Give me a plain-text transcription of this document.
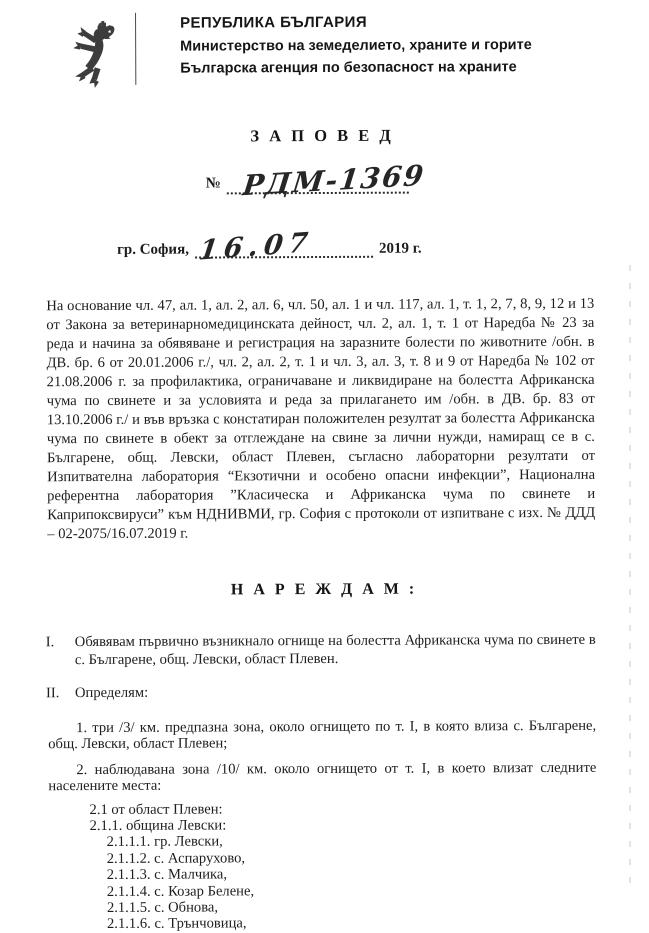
РЕПУБЛИКА БЪЛГАРИЯ
Министерство на земеделието, храните и горите
Българска агенция по безопасност на храните
З А П О В Е Д
№ РДМ-1369
гр. София, 16.07	2019 г.

На основание чл. 47, ал. 1, ал. 2, ал. 6, чл. 50, ал. 1 и чл. 117, ал. 1, т. 1, 2, 7, 8, 9, 12 и 13 от Закона за ветеринарномедицинската дейност, чл. 2, ал. 1, т. 1 от Наредба № 23 за реда и начина за обявяване и регистрация на заразните болести по животните /обн. в ДВ. бр. 6 от 20.01.2006 г./, чл. 2, ал. 2, т. 1 и чл. 3, ал. 3, т. 8 и 9 от Наредба № 102 от 21.08.2006 г. за профилактика, ограничаване и ликвидиране на болестта Африканска чума по свинете и за условията и реда за прилагането им /обн. в ДВ. бр. 83 от 13.10.2006 г./ и във връзка с констатиран положителен резултат за болестта Африканска чума по свинете в обект за отглеждане на свине за лични нужди, намиращ се в с. Българене, общ. Левски, област Плевен, съгласно лабораторни резултати от Изпитвателна лаборатория “Екзотични и особено опасни инфекции”, Национална референтна лаборатория ”Класическа и Африканска чума по свинете и Каприпоксвируси” към НДНИВМИ, гр. София с протоколи от изпитване с изх. № ДДД – 02-2075/16.07.2019 г.

Н А Р Е Ж Д А М :
I.	Обявявам първично възникнало огнище на болестта Африканска чума по свинете в с. Българене, общ. Левски, област Плевен.
II.	Определям:

1. три /3/ км. предпазна зона, около огнището по т. I, в която влиза с. Българене, общ. Левски, област Плевен;

2. наблюдавана зона /10/ км. около огнището от т. I, в което влизат следните населените места:

2.1 от област Плевен:
2.1.1. община Левски:
2.1.1.1. гр. Левски,
2.1.1.2. с. Аспарухово,
2.1.1.3. с. Малчика,
2.1.1.4. с. Козар Белене,
2.1.1.5. с. Обнова,
2.1.1.6. с. Трънчовица,
